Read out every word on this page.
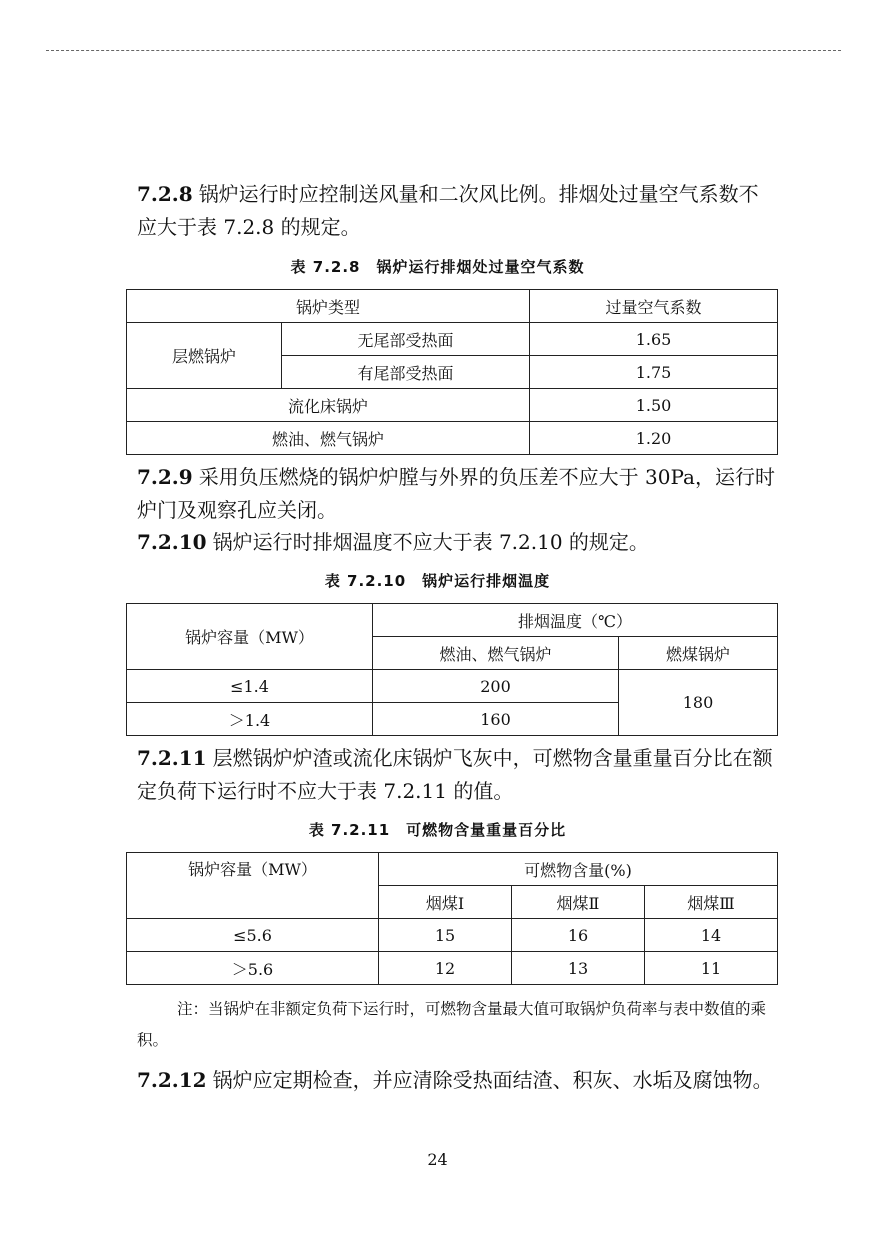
7.2.8 锅炉运行时应控制送风量和二次风比例。排烟处过量空气系数不应大于表 7.2.8 的规定。
表 7.2.8　锅炉运行排烟处过量空气系数
锅炉类型		过量空气系数
层燃锅炉	无尾部受热面	1.65
	有尾部受热面	1.75
流化床锅炉		1.50
燃油、燃气锅炉		1.20
7.2.9 采用负压燃烧的锅炉炉膛与外界的负压差不应大于 30Pa，运行时炉门及观察孔应关闭。
7.2.10 锅炉运行时排烟温度不应大于表 7.2.10 的规定。
表 7.2.10　锅炉运行排烟温度
锅炉容量（MW）	排烟温度（℃）	
	燃油、燃气锅炉	燃煤锅炉
≤1.4	200	180
＞1.4	160	
7.2.11 层燃锅炉炉渣或流化床锅炉飞灰中，可燃物含量重量百分比在额定负荷下运行时不应大于表 7.2.11 的值。
表 7.2.11　可燃物含量重量百分比
锅炉容量（MW）	可燃物含量(%)		
	烟煤Ⅰ	烟煤Ⅱ	烟煤Ⅲ
≤5.6	15	16	14
＞5.6	12	13	11
注：当锅炉在非额定负荷下运行时，可燃物含量最大值可取锅炉负荷率与表中数值的乘积。
7.2.12 锅炉应定期检查，并应清除受热面结渣、积灰、水垢及腐蚀物。
24
